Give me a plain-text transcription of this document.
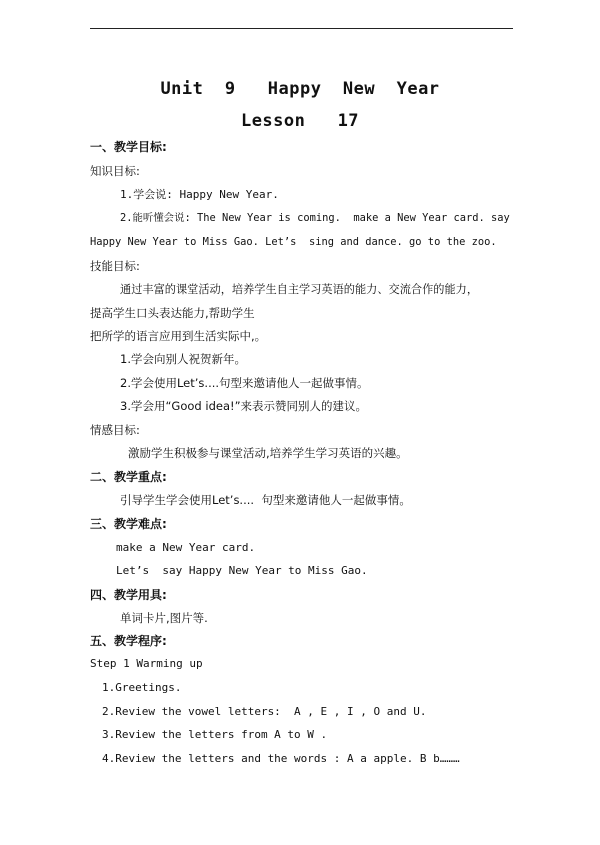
Unit  9   Happy  New  Year
Lesson   17
一、教学目标:
知识目标:
1.学会说: Happy New Year.
2.能听懂会说: The New Year is coming.  make a New Year card. say
Happy New Year to Miss Gao. Let’s  sing and dance. go to the zoo.
技能目标:
通过丰富的课堂活动，培养学生自主学习英语的能力、交流合作的能力，
提高学生口头表达能力,帮助学生
把所学的语言应用到生活实际中,。
1.学会向别人祝贺新年。
2.学会使用Let’s....句型来邀请他人一起做事情。
3.学会用“Good idea!”来表示赞同别人的建议。
情感目标:
激励学生积极参与课堂活动,培养学生学习英语的兴趣。
二、教学重点:
引导学生学会使用Let’s....  句型来邀请他人一起做事情。
三、教学难点:
make a New Year card.
Let’s  say Happy New Year to Miss Gao.
四、教学用具:
单词卡片,图片等.
五、教学程序:
Step 1 Warming up
1.Greetings.
2.Review the vowel letters:  A , E , I , O and U.
3.Review the letters from A to W .
4.Review the letters and the words : A a apple. B b………
